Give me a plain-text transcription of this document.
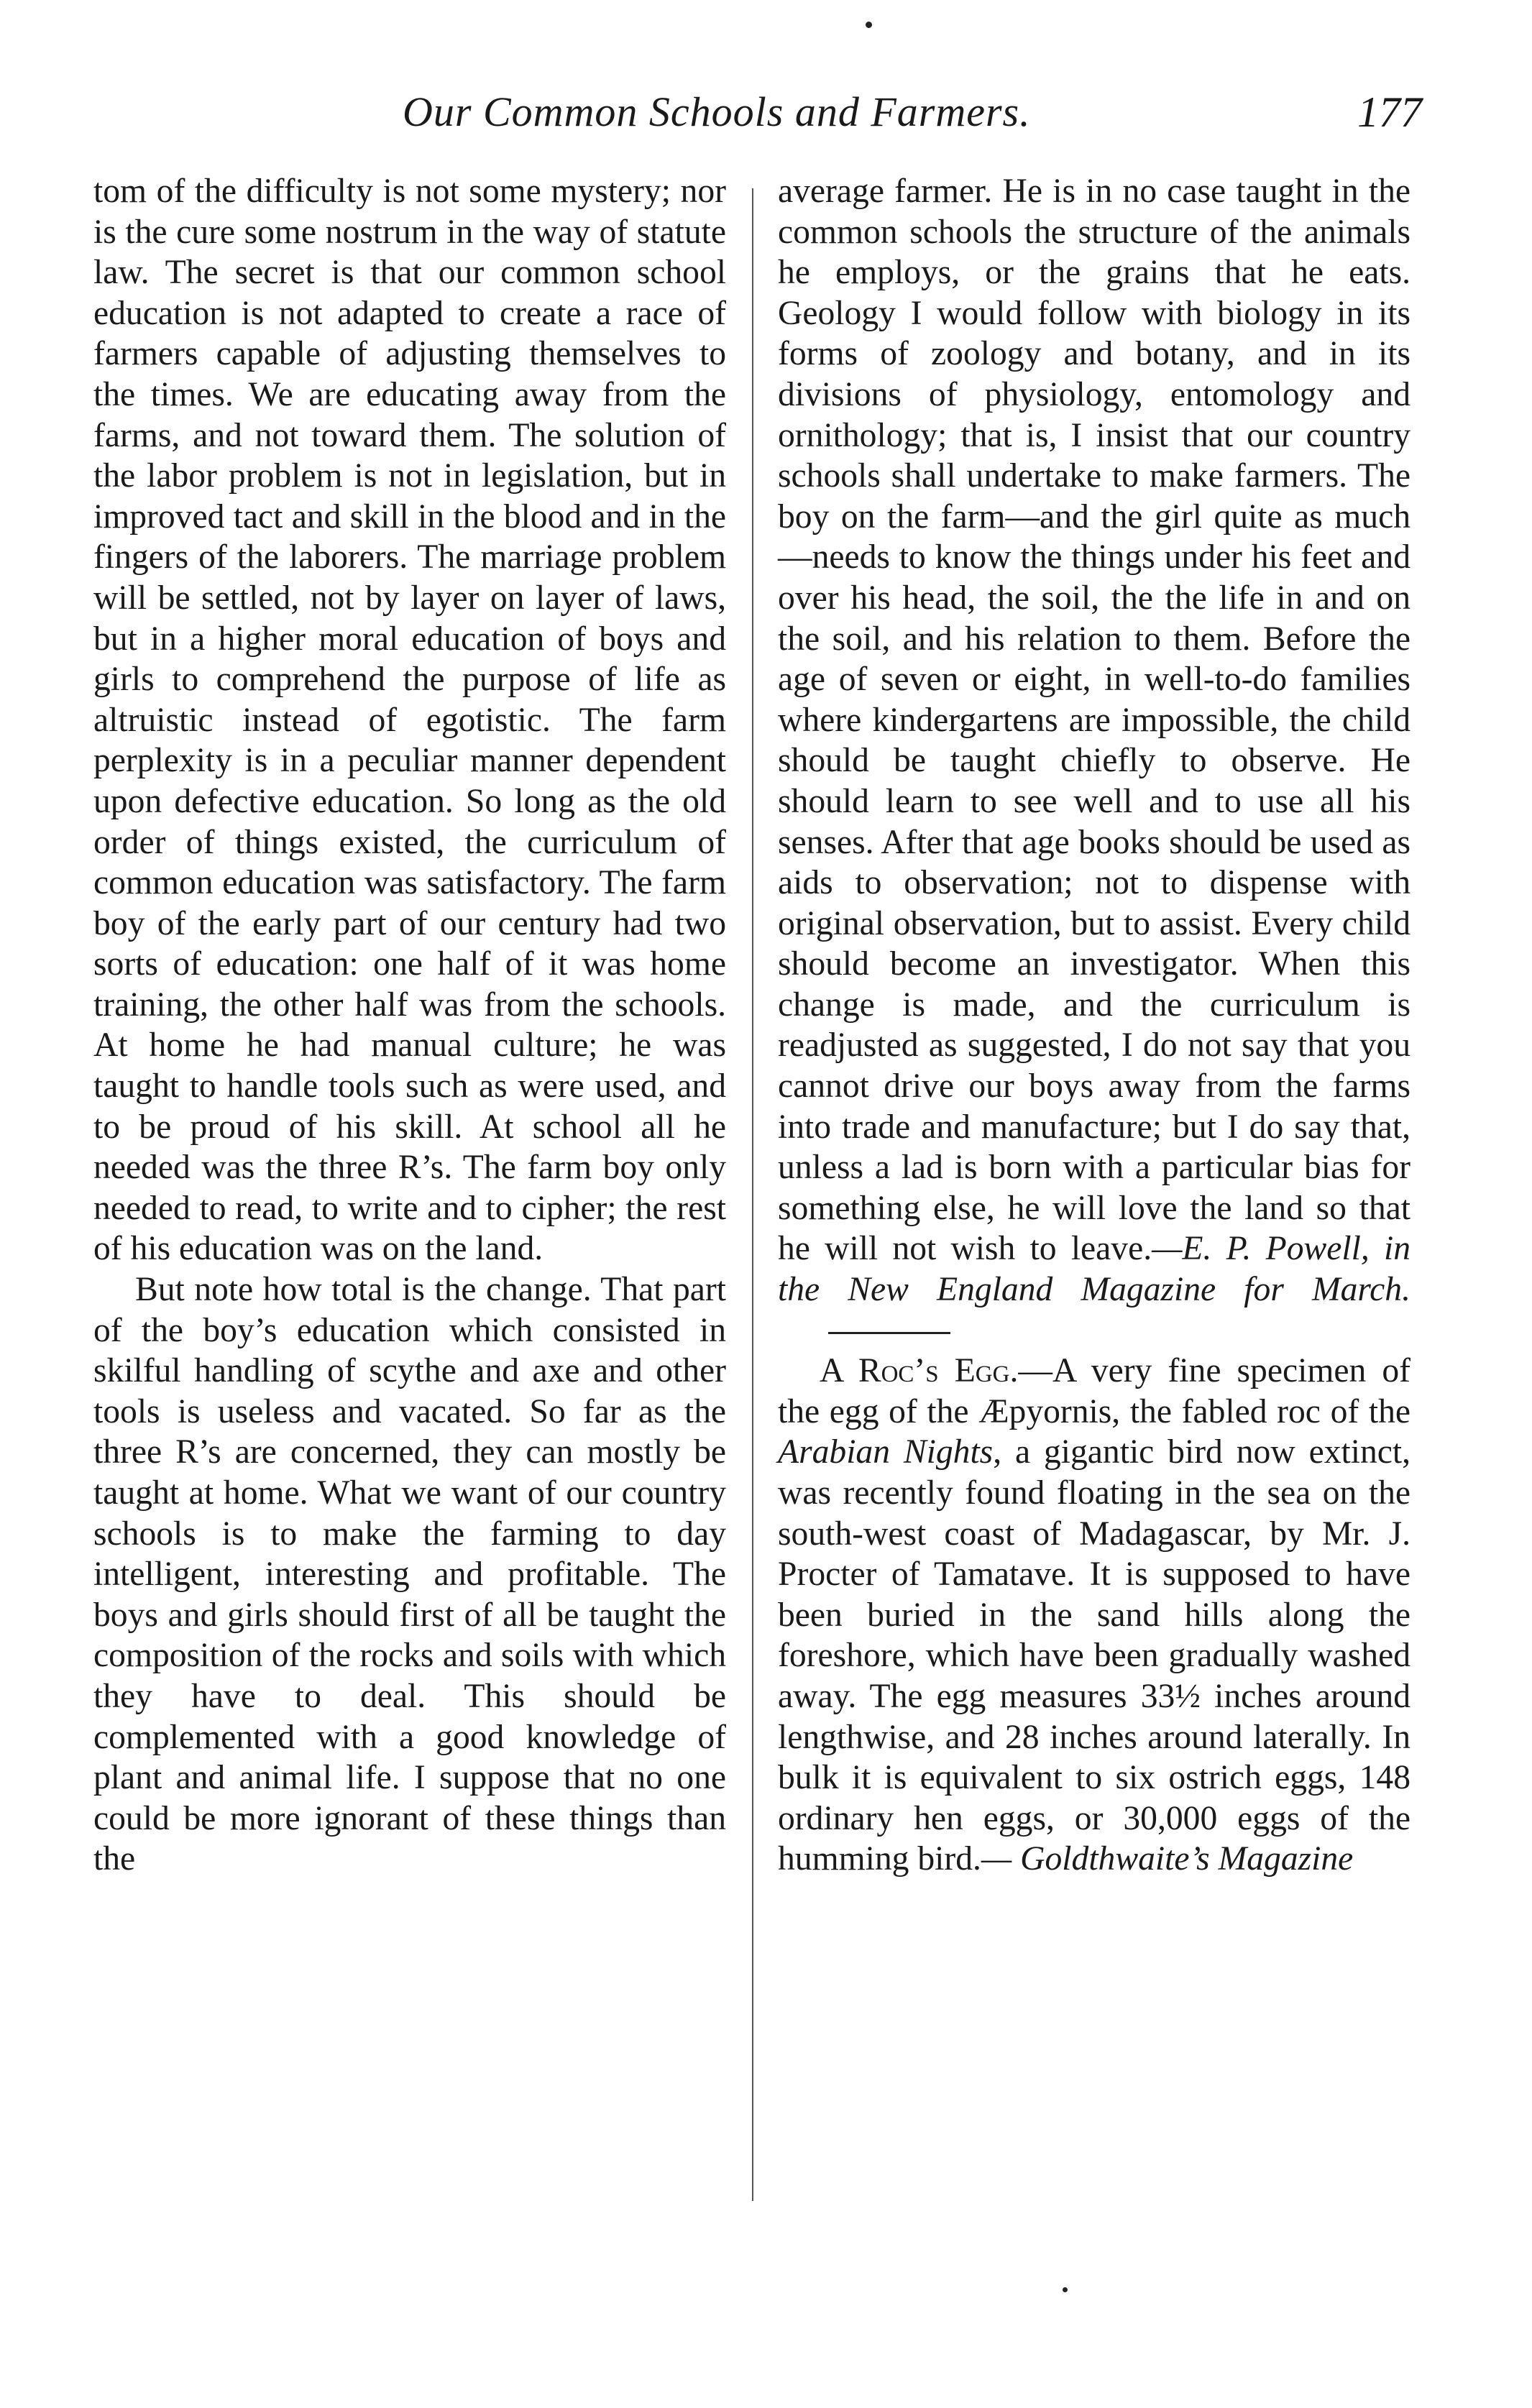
Our Common Schools and Farmers.	177

tom of the difficulty is not some mystery; nor is the cure some nostrum in the way of statute law. The secret is that our common school education is not adapted to create a race of farmers capable of adjusting themselves to the times. We are educating away from the farms, and not toward them. The solution of the labor problem is not in legislation, but in improved tact and skill in the blood and in the fingers of the laborers. The marriage problem will be settled, not by layer on layer of laws, but in a higher moral education of boys and girls to comprehend the purpose of life as altruistic instead of egotistic. The farm perplexity is in a peculiar manner dependent upon defective education. So long as the old order of things existed, the curriculum of common education was satisfactory. The farm boy of the early part of our century had two sorts of education: one half of it was home training, the other half was from the schools. At home he had manual culture; he was taught to handle tools such as were used, and to be proud of his skill. At school all he needed was the three R’s. The farm boy only needed to read, to write and to cipher; the rest of his education was on the land.

But note how total is the change. That part of the boy’s education which consisted in skilful handling of scythe and axe and other tools is useless and vacated. So far as the three R’s are concerned, they can mostly be taught at home. What we want of our country schools is to make the farming to day intelligent, interesting and profitable. The boys and girls should first of all be taught the composition of the rocks and soils with which they have to deal. This should be complemented with a good knowledge of plant and animal life. I suppose that no one could be more ignorant of these things than the

average farmer. He is in no case taught in the common schools the structure of the animals he employs, or the grains that he eats. Geology I would follow with biology in its forms of zoology and botany, and in its divisions of physiology, entomology and ornithology; that is, I insist that our country schools shall undertake to make farmers. The boy on the farm—and the girl quite as much—needs to know the things under his feet and over his head, the soil, the the life in and on the soil, and his relation to them. Before the age of seven or eight, in well-to-do families where kindergartens are impossible, the child should be taught chiefly to observe. He should learn to see well and to use all his senses. After that age books should be used as aids to observation; not to dispense with original observation, but to assist. Every child should become an investigator. When this change is made, and the curriculum is readjusted as suggested, I do not say that you cannot drive our boys away from the farms into trade and manufacture; but I do say that, unless a lad is born with a particular bias for something else, he will love the land so that he will not wish to leave.—E. P. Powell, in the New England Magazine for March.

A Roc’s Egg.—A very fine specimen of the egg of the Æpyornis, the fabled roc of the Arabian Nights, a gigantic bird now extinct, was recently found floating in the sea on the south-west coast of Madagascar, by Mr. J. Procter of Tamatave. It is supposed to have been buried in the sand hills along the foreshore, which have been gradually washed away. The egg measures 33½ inches around lengthwise, and 28 inches around laterally. In bulk it is equivalent to six ostrich eggs, 148 ordinary hen eggs, or 30,000 eggs of the humming bird.— Goldthwaite’s Magazine
